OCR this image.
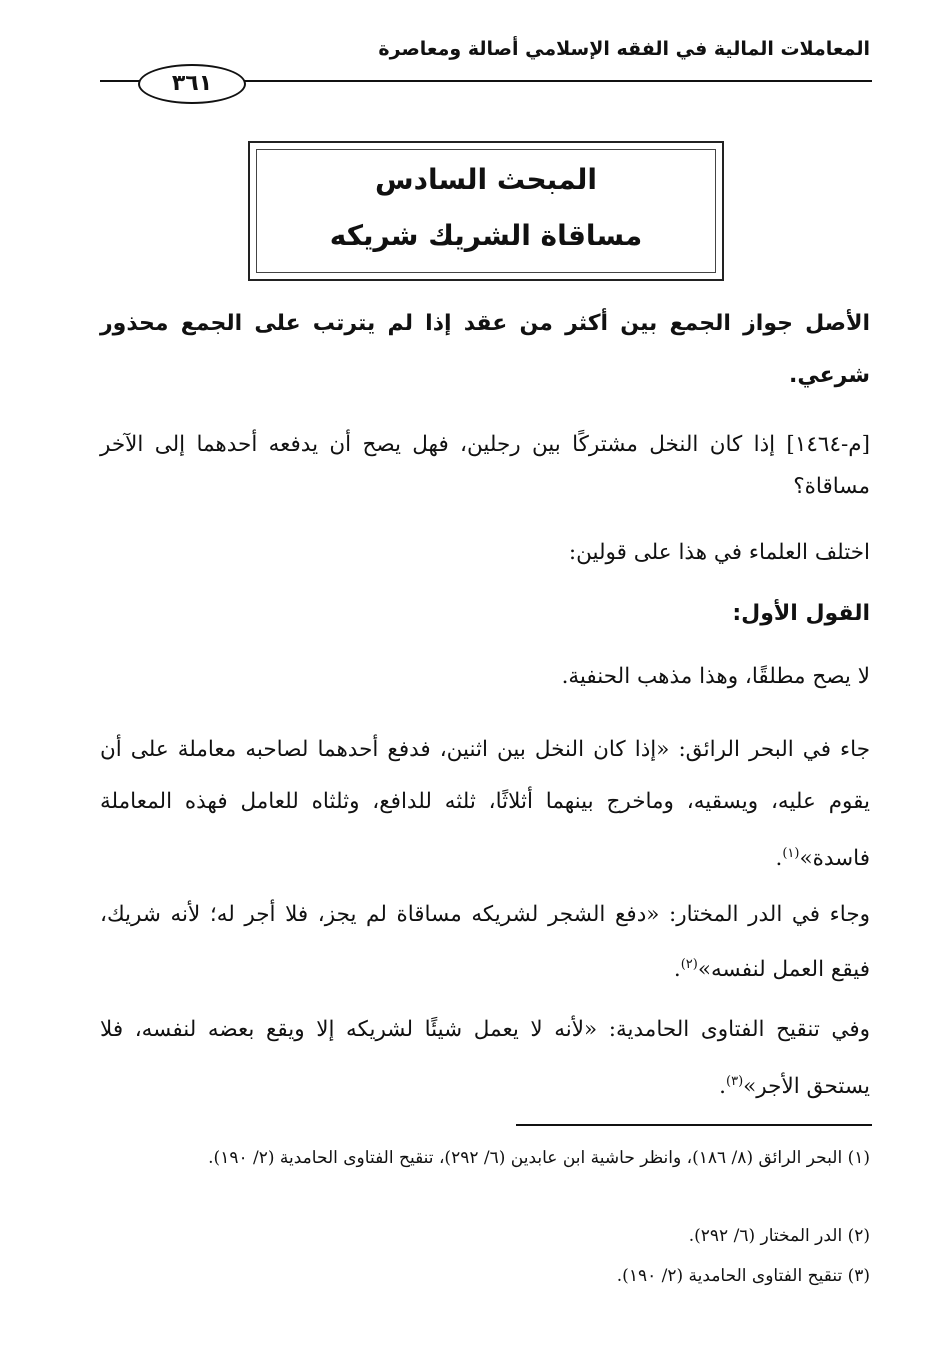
المعاملات المالية في الفقه الإسلامي أصالة ومعاصرة
٣٦١
المبحث السادس
مساقاة الشريك شريكه
الأصل جواز الجمع بين أكثر من عقد إذا لم يترتب على الجمع محذور شرعي.
[م-١٤٦٤] إذا كان النخل مشتركًا بين رجلين، فهل يصح أن يدفعه أحدهما إلى الآخر مساقاة؟
اختلف العلماء في هذا على قولين:
القول الأول:
لا يصح مطلقًا، وهذا مذهب الحنفية.
جاء في البحر الرائق: «إذا كان النخل بين اثنين، فدفع أحدهما لصاحبه معاملة على أن يقوم عليه، ويسقيه، وماخرج بينهما أثلاثًا، ثلثه للدافع، وثلثاه للعامل فهذه المعاملة فاسدة»$^{(١)}$.
وجاء في الدر المختار: «دفع الشجر لشريكه مساقاة لم يجز، فلا أجر له؛ لأنه شريك، فيقع العمل لنفسه»$^{(٢)}$.
وفي تنقيح الفتاوى الحامدية: «لأنه لا يعمل شيئًا لشريكه إلا ويقع بعضه لنفسه، فلا يستحق الأجر»$^{(٣)}$.
(١) البحر الرائق (٨/ ١٨٦)، وانظر حاشية ابن عابدين (٦/ ٢٩٢)، تنقيح الفتاوى الحامدية (٢/ ١٩٠).
(٢) الدر المختار (٦/ ٢٩٢).
(٣) تنقيح الفتاوى الحامدية (٢/ ١٩٠).
